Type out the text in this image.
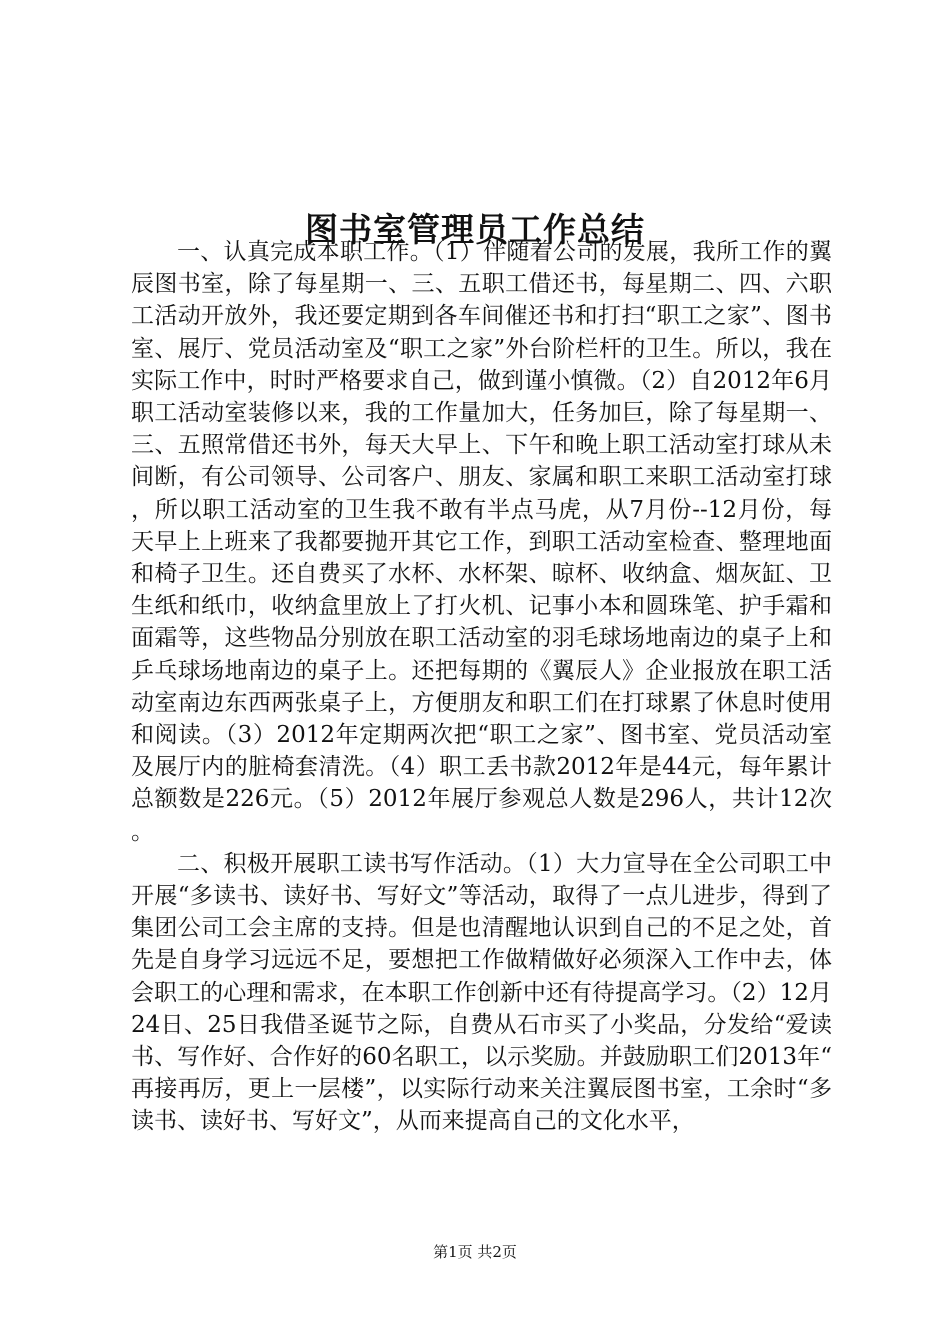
图书室管理员工作总结

一、认真完成本职工作。（1）伴随着公司的发展，我所工作的翼辰图书室，除了每星期一、三、五职工借还书，每星期二、四、六职工活动开放外，我还要定期到各车间催还书和打扫“职工之家”、图书室、展厅、党员活动室及“职工之家”外台阶栏杆的卫生。所以，我在实际工作中，时时严格要求自己，做到谨小慎微。（2）自2012年6月职工活动室装修以来，我的工作量加大，任务加巨，除了每星期一、三、五照常借还书外，每天大早上、下午和晚上职工活动室打球从未间断，有公司领导、公司客户、朋友、家属和职工来职工活动室打球，所以职工活动室的卫生我不敢有半点马虎，从7月份--12月份，每天早上上班来了我都要抛开其它工作，到职工活动室检查、整理地面和椅子卫生。还自费买了水杯、水杯架、晾杯、收纳盒、烟灰缸、卫生纸和纸巾，收纳盒里放上了打火机、记事小本和圆珠笔、护手霜和面霜等，这些物品分别放在职工活动室的羽毛球场地南边的桌子上和乒乓球场地南边的桌子上。还把每期的《翼辰人》企业报放在职工活动室南边东西两张桌子上，方便朋友和职工们在打球累了休息时使用和阅读。（3）2012年定期两次把“职工之家”、图书室、党员活动室及展厅内的脏椅套清洗。（4）职工丢书款2012年是44元，每年累计总额数是226元。（5）2012年展厅参观总人数是296人，共计12次。

二、积极开展职工读书写作活动。（1）大力宣导在全公司职工中开展“多读书、读好书、写好文”等活动，取得了一点儿进步，得到了集团公司工会主席的支持。但是也清醒地认识到自己的不足之处，首先是自身学习远远不足，要想把工作做精做好必须深入工作中去，体会职工的心理和需求，在本职工作创新中还有待提高学习。（2）12月24日、25日我借圣诞节之际，自费从石市买了小奖品，分发给“爱读书、写作好、合作好的60名职工，以示奖励。并鼓励职工们2013年“再接再厉，更上一层楼”，以实际行动来关注翼辰图书室，工余时“多读书、读好书、写好文”，从而来提高自己的文化水平，

第1页 共2页
